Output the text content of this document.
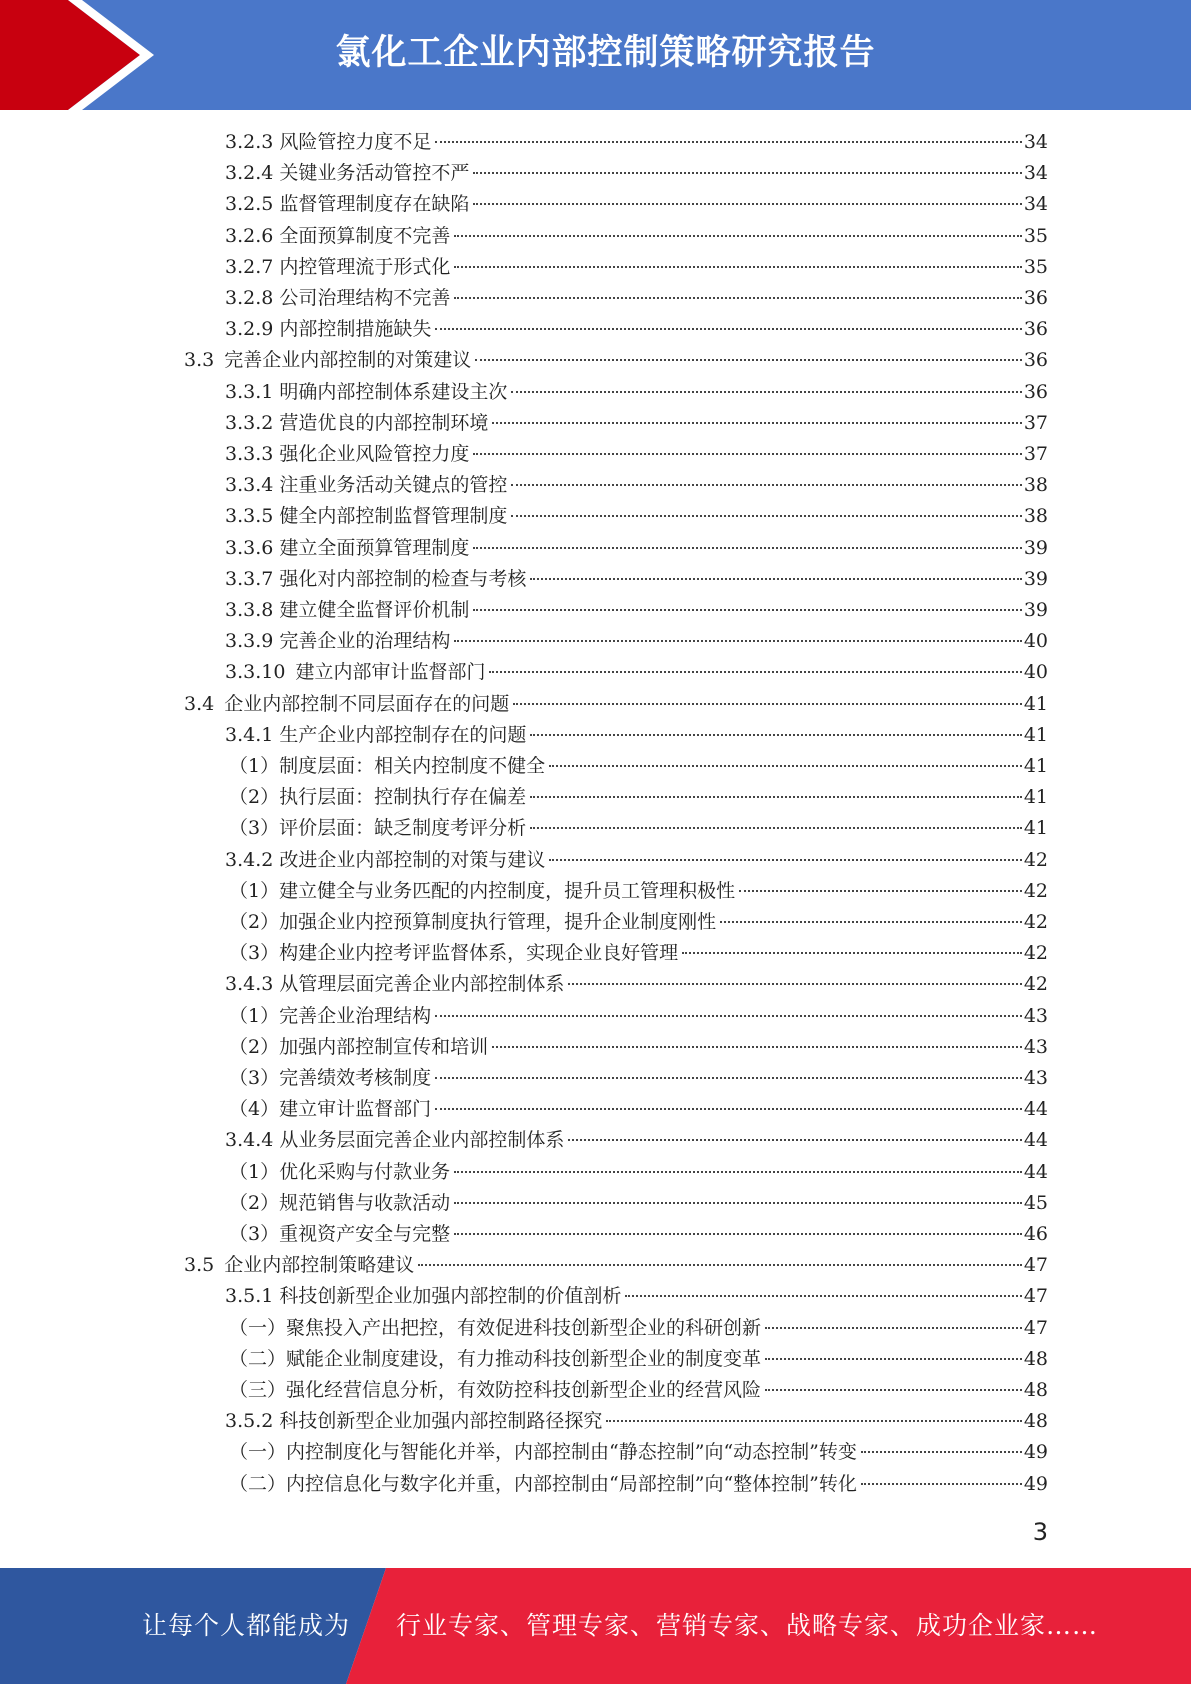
氯化工企业内部控制策略研究报告
3.2.3 风险管控力度不足	34
3.2.4 关键业务活动管控不严	34
3.2.5 监督管理制度存在缺陷	34
3.2.6 全面预算制度不完善	35
3.2.7 内控管理流于形式化	35
3.2.8 公司治理结构不完善	36
3.2.9 内部控制措施缺失	36
3.3 完善企业内部控制的对策建议	36
3.3.1 明确内部控制体系建设主次	36
3.3.2 营造优良的内部控制环境	37
3.3.3 强化企业风险管控力度	37
3.3.4 注重业务活动关键点的管控	38
3.3.5 健全内部控制监督管理制度	38
3.3.6 建立全面预算管理制度	39
3.3.7 强化对内部控制的检查与考核	39
3.3.8 建立健全监督评价机制	39
3.3.9 完善企业的治理结构	40
3.3.10 建立内部审计监督部门	40
3.4 企业内部控制不同层面存在的问题	41
3.4.1 生产企业内部控制存在的问题	41
（1） 制度层面：相关内控制度不健全	41
（2） 执行层面：控制执行存在偏差	41
（3） 评价层面：缺乏制度考评分析	41
3.4.2 改进企业内部控制的对策与建议	42
（1） 建立健全与业务匹配的内控制度，提升员工管理积极性	42
（2） 加强企业内控预算制度执行管理，提升企业制度刚性	42
（3） 构建企业内控考评监督体系，实现企业良好管理	42
3.4.3 从管理层面完善企业内部控制体系	42
（1） 完善企业治理结构	43
（2） 加强内部控制宣传和培训	43
（3） 完善绩效考核制度	43
（4） 建立审计监督部门	44
3.4.4 从业务层面完善企业内部控制体系	44
（1） 优化采购与付款业务	44
（2） 规范销售与收款活动	45
（3） 重视资产安全与完整	46
3.5 企业内部控制策略建议	47
3.5.1 科技创新型企业加强内部控制的价值剖析	47
（一） 聚焦投入产出把控，有效促进科技创新型企业的科研创新	47
（二） 赋能企业制度建设，有力推动科技创新型企业的制度变革	48
（三） 强化经营信息分析，有效防控科技创新型企业的经营风险	48
3.5.2 科技创新型企业加强内部控制路径探究	48
（一） 内控制度化与智能化并举，内部控制由“静态控制”向“动态控制”转变	49
（二） 内控信息化与数字化并重，内部控制由“局部控制”向“整体控制”转化	49
3
让每个人都能成为 行业专家、管理专家、营销专家、战略专家、成功企业家……
